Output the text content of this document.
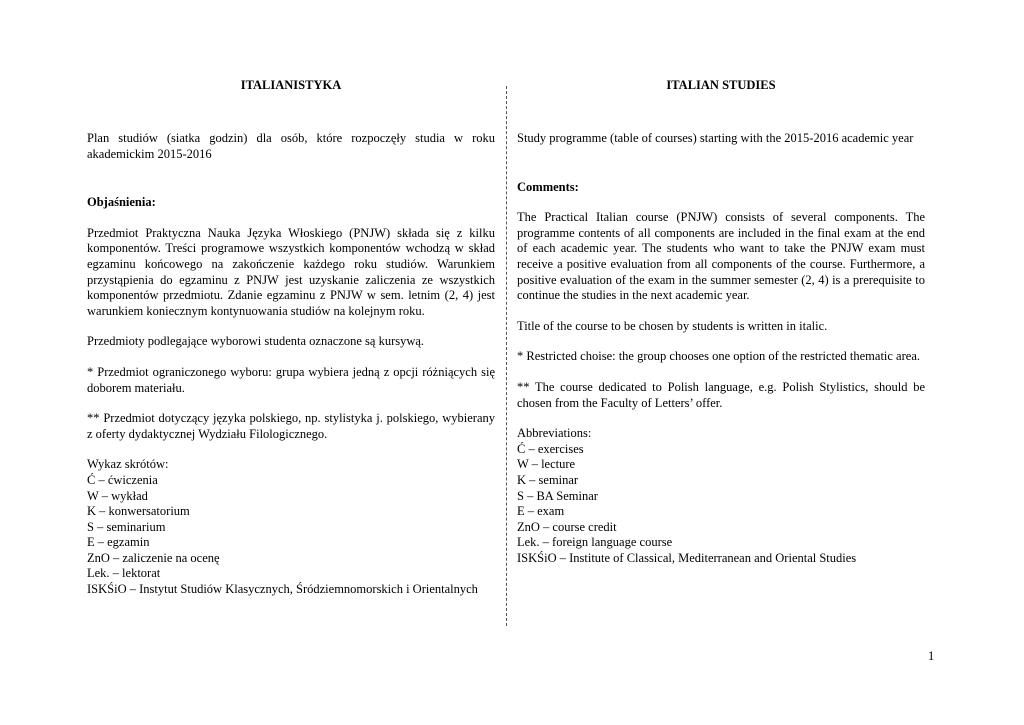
ITALIANISTYKA

Plan studiów (siatka godzin) dla osób, które rozpoczęły studia w roku akademickim 2015-2016

Objaśnienia:

Przedmiot Praktyczna Nauka Języka Włoskiego (PNJW) składa się z kilku komponentów. Treści programowe wszystkich komponentów wchodzą w skład egzaminu końcowego na zakończenie każdego roku studiów. Warunkiem przystąpienia do egzaminu z PNJW jest uzyskanie zaliczenia ze wszystkich komponentów przedmiotu. Zdanie egzaminu z PNJW w sem. letnim (2, 4) jest warunkiem koniecznym kontynuowania studiów na kolejnym roku.

Przedmioty podlegające wyborowi studenta oznaczone są kursywą.

* Przedmiot ograniczonego wyboru: grupa wybiera jedną z opcji różniących się doborem materiału.

** Przedmiot dotyczący języka polskiego, np. stylistyka j. polskiego, wybierany z oferty dydaktycznej Wydziału Filologicznego.

Wykaz skrótów:

Ć – ćwiczenia
W – wykład
K – konwersatorium
S – seminarium
E – egzamin
ZnO – zaliczenie na ocenę
Lek. – lektorat
ISKŚiO – Instytut Studiów Klasycznych, Śródziemnomorskich i Orientalnych
ITALIAN STUDIES

Study programme (table of courses) starting with the 2015-2016 academic year

Comments:

The Practical Italian course (PNJW) consists of several components. The programme contents of all components are included in the final exam at the end of each academic year. The students who want to take the PNJW exam must receive a positive evaluation from all components of the course. Furthermore, a positive evaluation of the exam in the summer semester (2, 4) is a prerequisite to continue the studies in the next academic year.

Title of the course to be chosen by students is written in italic.

* Restricted choise: the group chooses one option of the restricted thematic area.

** The course dedicated to Polish language, e.g. Polish Stylistics, should be chosen from the Faculty of Letters’ offer.

Abbreviations:

Ć – exercises
W – lecture
K – seminar
S – BA Seminar
E – exam
ZnO – course credit
Lek. – foreign language course
ISKŚiO – Institute of Classical, Mediterranean and Oriental Studies
1
